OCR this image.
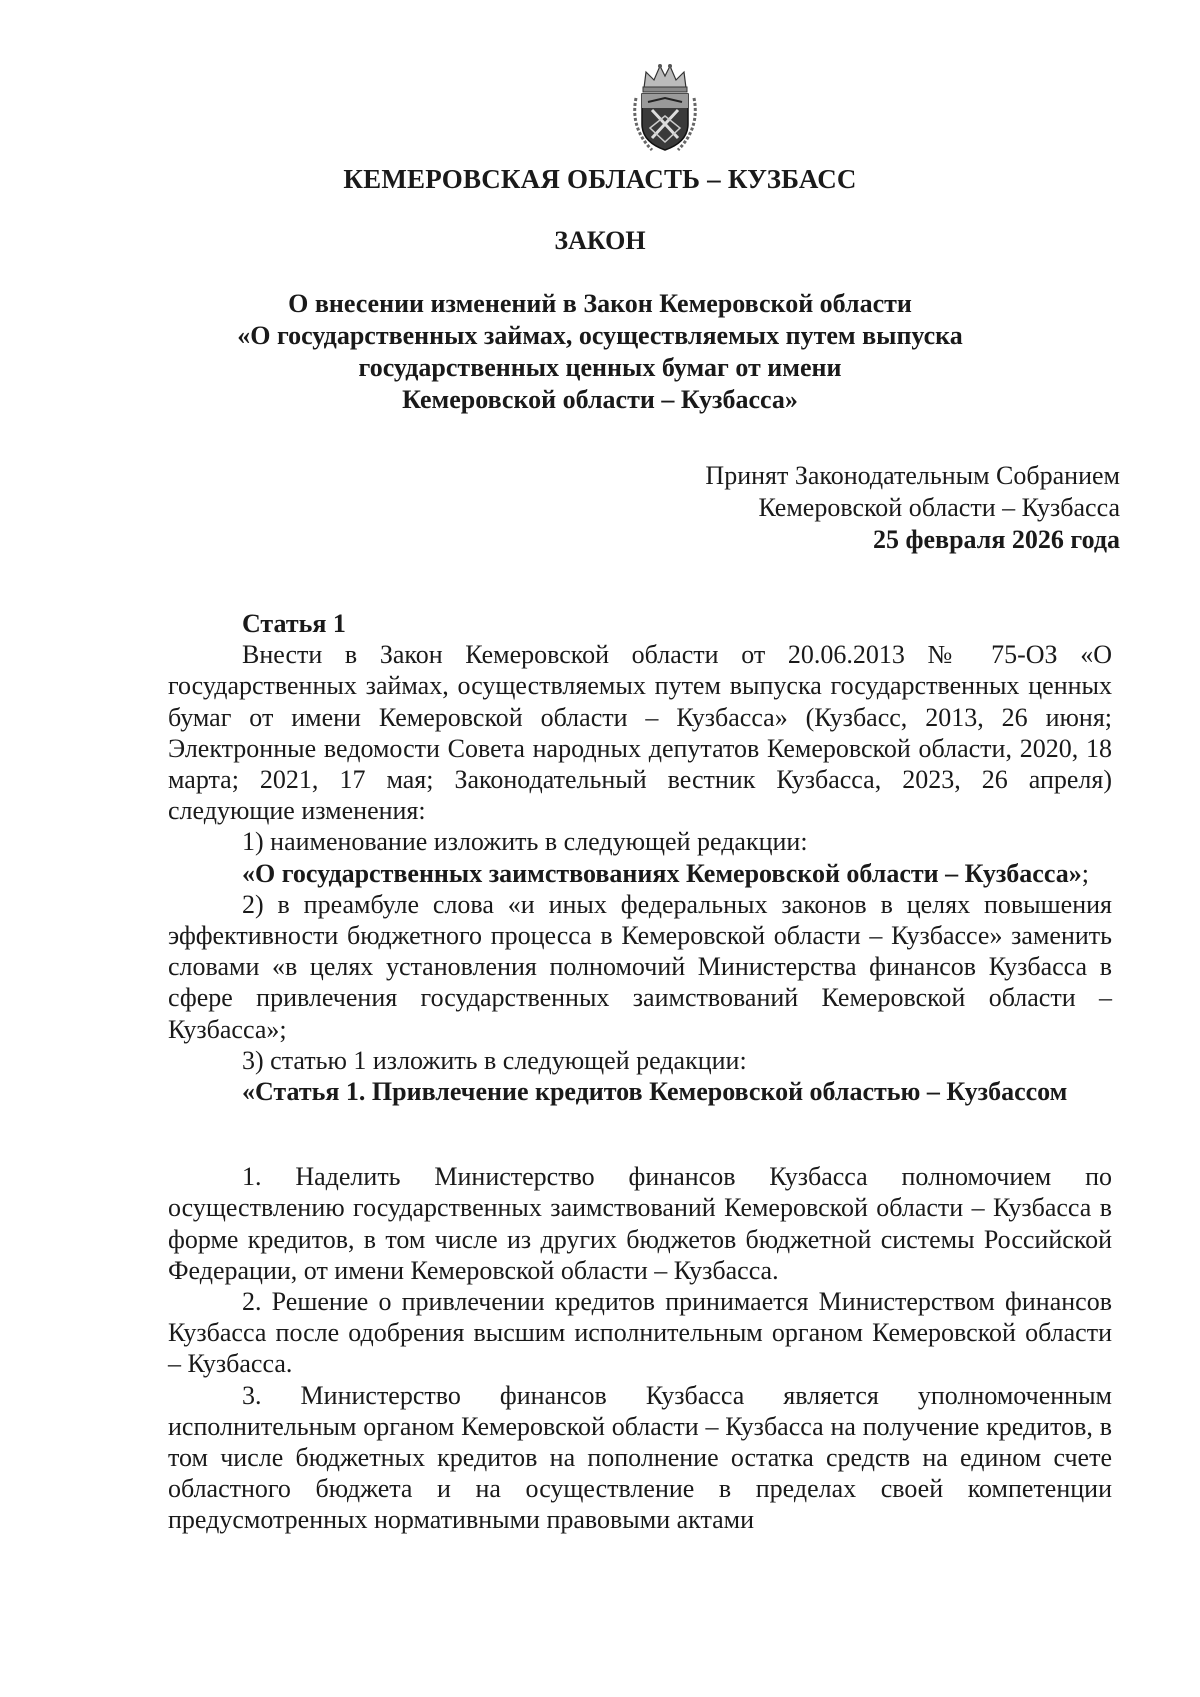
КЕМЕРОВСКАЯ ОБЛАСТЬ – КУЗБАСС
ЗАКОН
О внесении изменений в Закон Кемеровской области
«О государственных займах, осуществляемых путем выпуска
государственных ценных бумаг от имени
Кемеровской области – Кузбасса»
Принят Законодательным Собранием
Кемеровской области – Кузбасса
25 февраля 2026 года

Статья 1

Внести в Закон Кемеровской области от 20.06.2013 № 75-ОЗ «О государственных займах, осуществляемых путем выпуска государственных ценных бумаг от имени Кемеровской области – Кузбасса» (Кузбасс, 2013, 26 июня; Электронные ведомости Совета народных депутатов Кемеровской области, 2020, 18 марта; 2021, 17 мая; Законодательный вестник Кузбасса, 2023, 26 апреля) следующие изменения:

1) наименование изложить в следующей редакции:

«О государственных заимствованиях Кемеровской области – Кузбасса»;

2) в преамбуле слова «и иных федеральных законов в целях повышения эффективности бюджетного процесса в Кемеровской области – Кузбассе» заменить словами «в целях установления полномочий Министерства финансов Кузбасса в сфере привлечения государственных заимствований Кемеровской области – Кузбасса»;

3) статью 1 изложить в следующей редакции:

«Статья 1. Привлечение кредитов Кемеровской областью – Кузбассом

1. Наделить Министерство финансов Кузбасса полномочием по осуществлению государственных заимствований Кемеровской области – Кузбасса в форме кредитов, в том числе из других бюджетов бюджетной системы Российской Федерации, от имени Кемеровской области – Кузбасса.

2. Решение о привлечении кредитов принимается Министерством финансов Кузбасса после одобрения высшим исполнительным органом Кемеровской области – Кузбасса.

3. Министерство финансов Кузбасса является уполномоченным исполнительным органом Кемеровской области – Кузбасса на получение кредитов, в том числе бюджетных кредитов на пополнение остатка средств на едином счете областного бюджета и на осуществление в пределах своей компетенции предусмотренных нормативными правовыми актами
